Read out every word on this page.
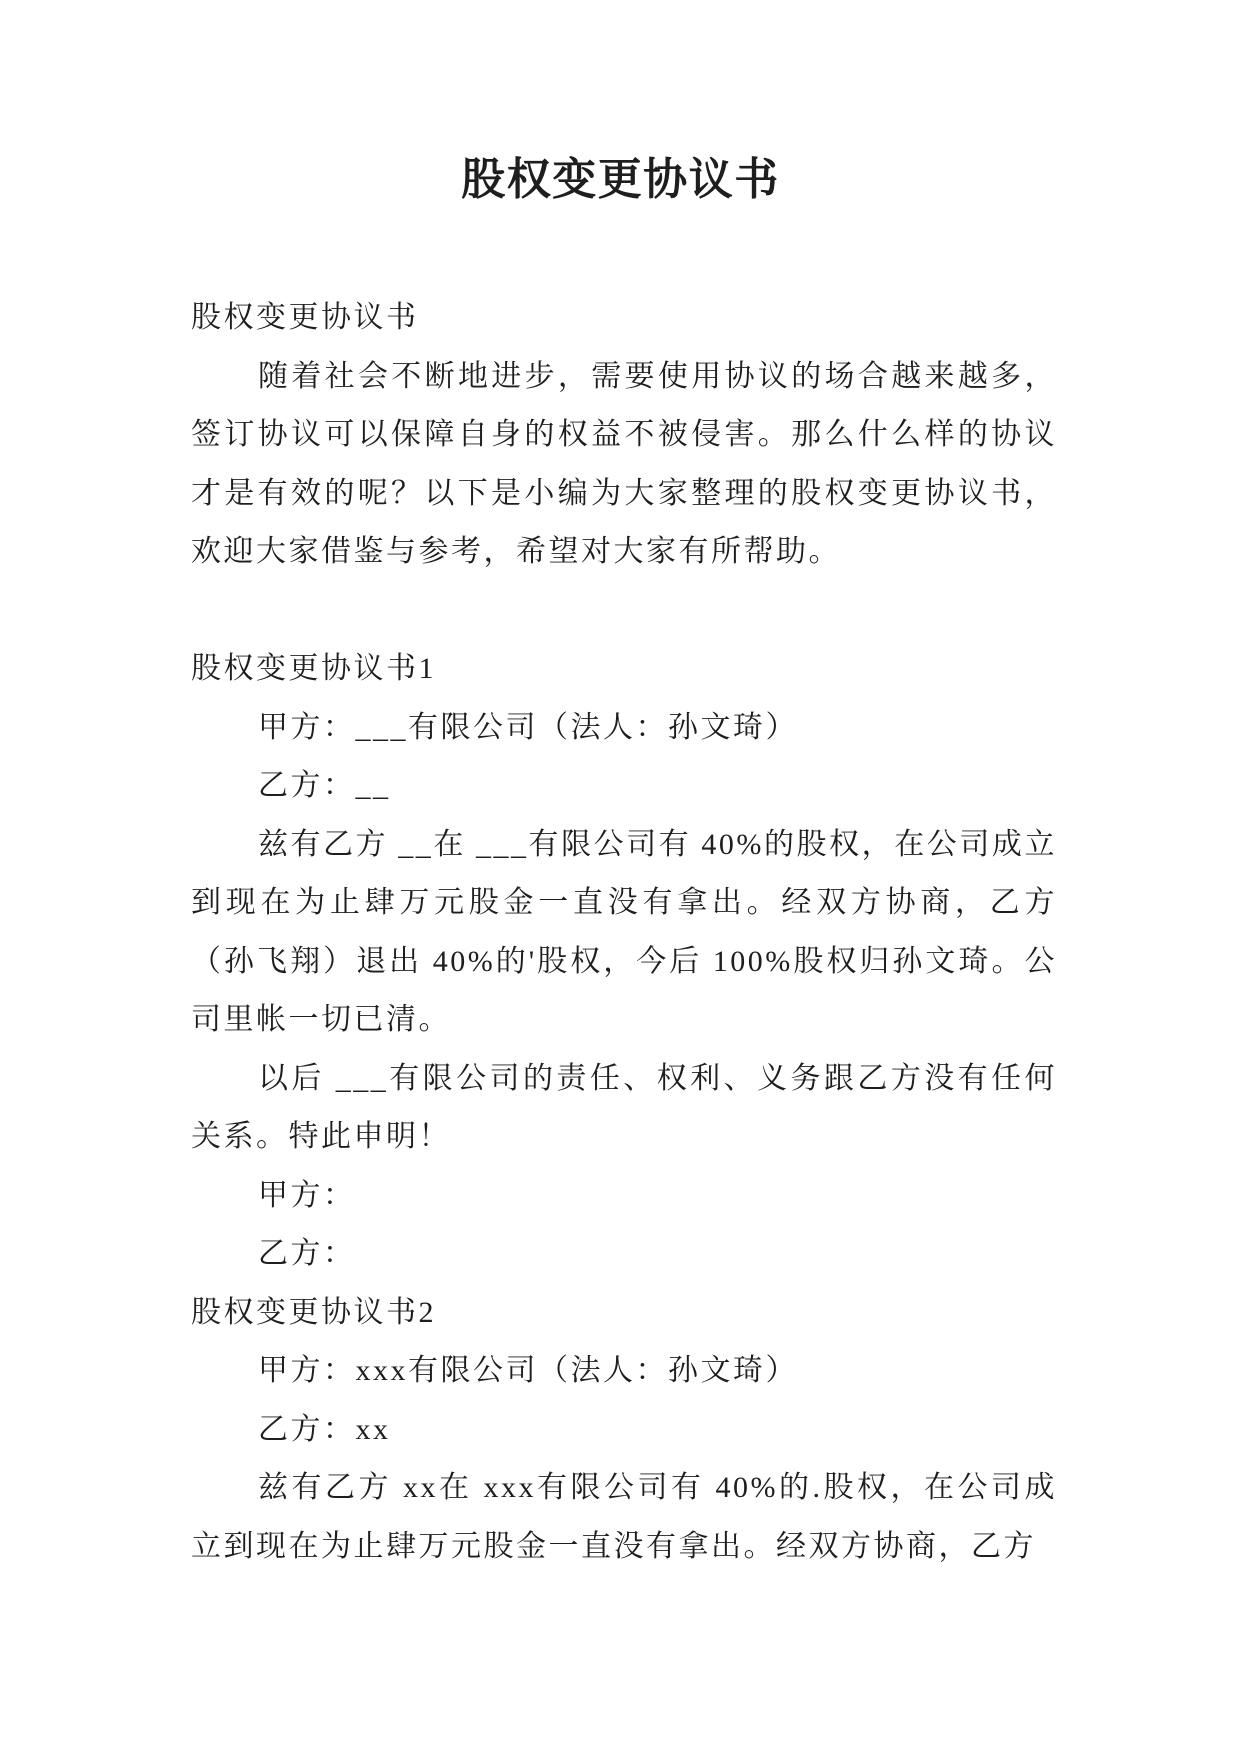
股权变更协议书
股权变更协议书
随着社会不断地进步，需要使用协议的场合越来越多，
签订协议可以保障自身的权益不被侵害。那么什么样的协议
才是有效的呢？以下是小编为大家整理的股权变更协议书，
欢迎大家借鉴与参考，希望对大家有所帮助。
股权变更协议书1
甲方：___有限公司（法人：孙文琦）
乙方：__
兹有乙方 __在 ___有限公司有 40%的股权，在公司成立
到现在为止肆万元股金一直没有拿出。经双方协商，乙方
（孙飞翔）退出 40%的'股权，今后 100%股权归孙文琦。公
司里帐一切已清。
以后 ___有限公司的责任、权利、义务跟乙方没有任何
关系。特此申明！
甲方：
乙方：
股权变更协议书2
甲方：xxx有限公司（法人：孙文琦）
乙方：xx
兹有乙方 xx在 xxx有限公司有 40%的.股权，在公司成
立到现在为止肆万元股金一直没有拿出。经双方协商，乙方
